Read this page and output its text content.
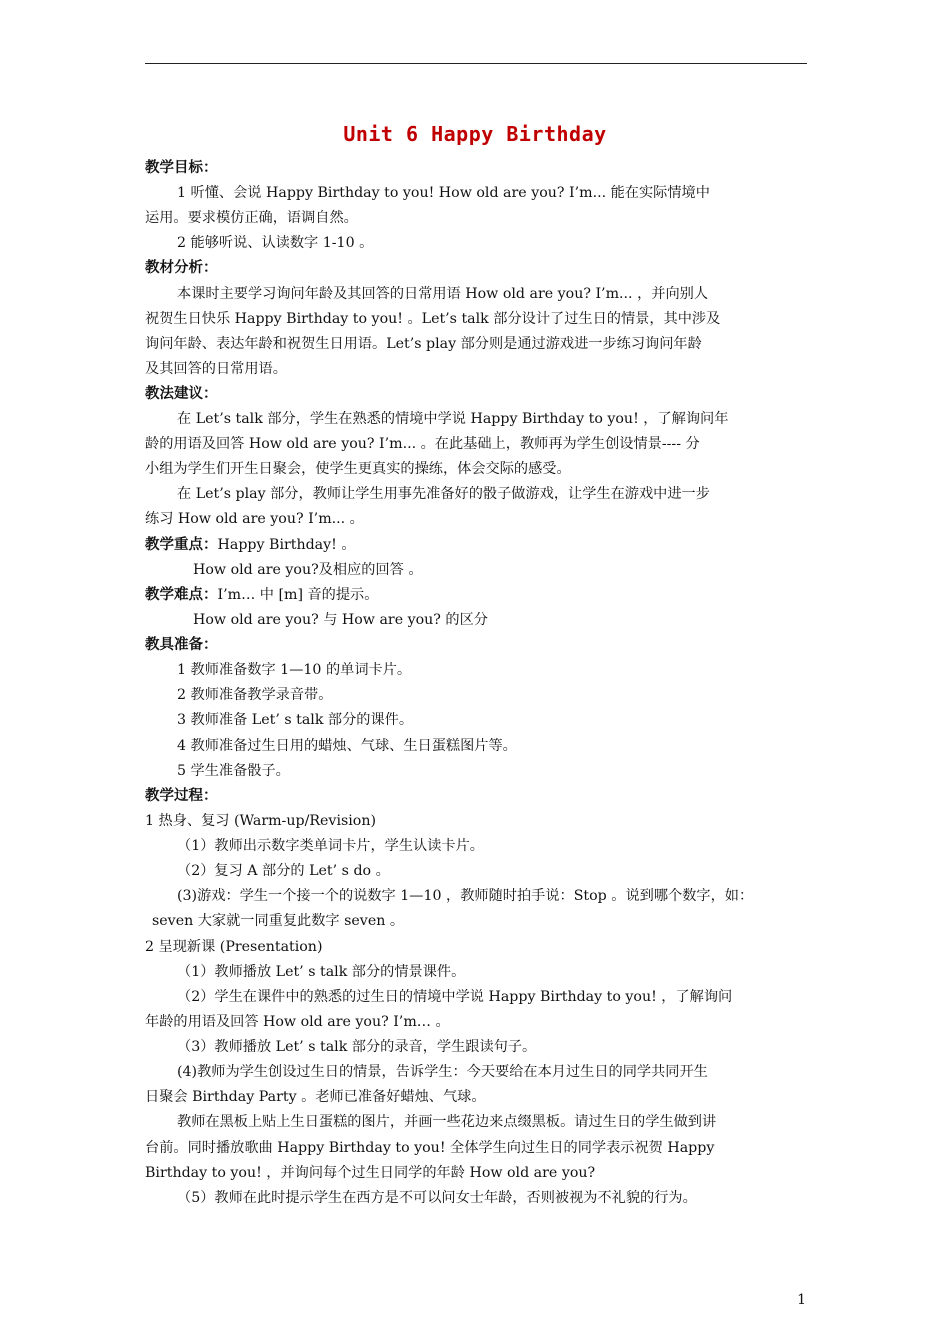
Unit 6 Happy Birthday
教学目标：
1 听懂、会说 Happy Birthday to you! How old are you? I’m... 能在实际情境中
运用。要求模仿正确，语调自然。
2 能够听说、认读数字 1-10 。
教材分析：
本课时主要学习询问年龄及其回答的日常用语 How old are you? I’m... ，并向别人
祝贺生日快乐 Happy Birthday to you! 。Let’s talk 部分设计了过生日的情景，其中涉及
询问年龄、表达年龄和祝贺生日用语。Let’s play 部分则是通过游戏进一步练习询问年龄
及其回答的日常用语。
教法建议：
在 Let’s talk 部分，学生在熟悉的情境中学说 Happy Birthday to you! ，了解询问年
龄的用语及回答 How old are you? I’m... 。在此基础上，教师再为学生创设情景---- 分
小组为学生们开生日聚会，使学生更真实的操练，体会交际的感受。
在 Let’s play 部分，教师让学生用事先准备好的骰子做游戏，让学生在游戏中进一步
练习 How old are you? I’m... 。
教学重点：Happy Birthday! 。
How old are you?及相应的回答 。
教学难点：I’m… 中 [m] 音的提示。
How old are you? 与 How are you? 的区分
教具准备：
1 教师准备数字 1—10 的单词卡片。
2 教师准备教学录音带。
3 教师准备 Let’ s talk 部分的课件。
4 教师准备过生日用的蜡烛、气球、生日蛋糕图片等。
5 学生准备骰子。
教学过程：
1 热身、复习 (Warm-up/Revision)
（1）教师出示数字类单词卡片，学生认读卡片。
（2）复习 A 部分的 Let’ s do 。
(3)游戏：学生一个接一个的说数字 1—10 ，教师随时拍手说：Stop 。说到哪个数字，如：
seven 大家就一同重复此数字 seven 。
2 呈现新课 (Presentation)
（1）教师播放 Let’ s talk 部分的情景课件。
（2）学生在课件中的熟悉的过生日的情境中学说 Happy Birthday to you! ，了解询问
年龄的用语及回答 How old are you? I’m… 。
（3）教师播放 Let’ s talk 部分的录音，学生跟读句子。
(4)教师为学生创设过生日的情景，告诉学生：今天要给在本月过生日的同学共同开生
日聚会 Birthday Party 。老师已准备好蜡烛、气球。
教师在黑板上贴上生日蛋糕的图片，并画一些花边来点缀黑板。请过生日的学生做到讲
台前。同时播放歌曲 Happy Birthday to you! 全体学生向过生日的同学表示祝贺 Happy
Birthday to you! ，并询问每个过生日同学的年龄 How old are you?
（5）教师在此时提示学生在西方是不可以问女士年龄，否则被视为不礼貌的行为。
1
